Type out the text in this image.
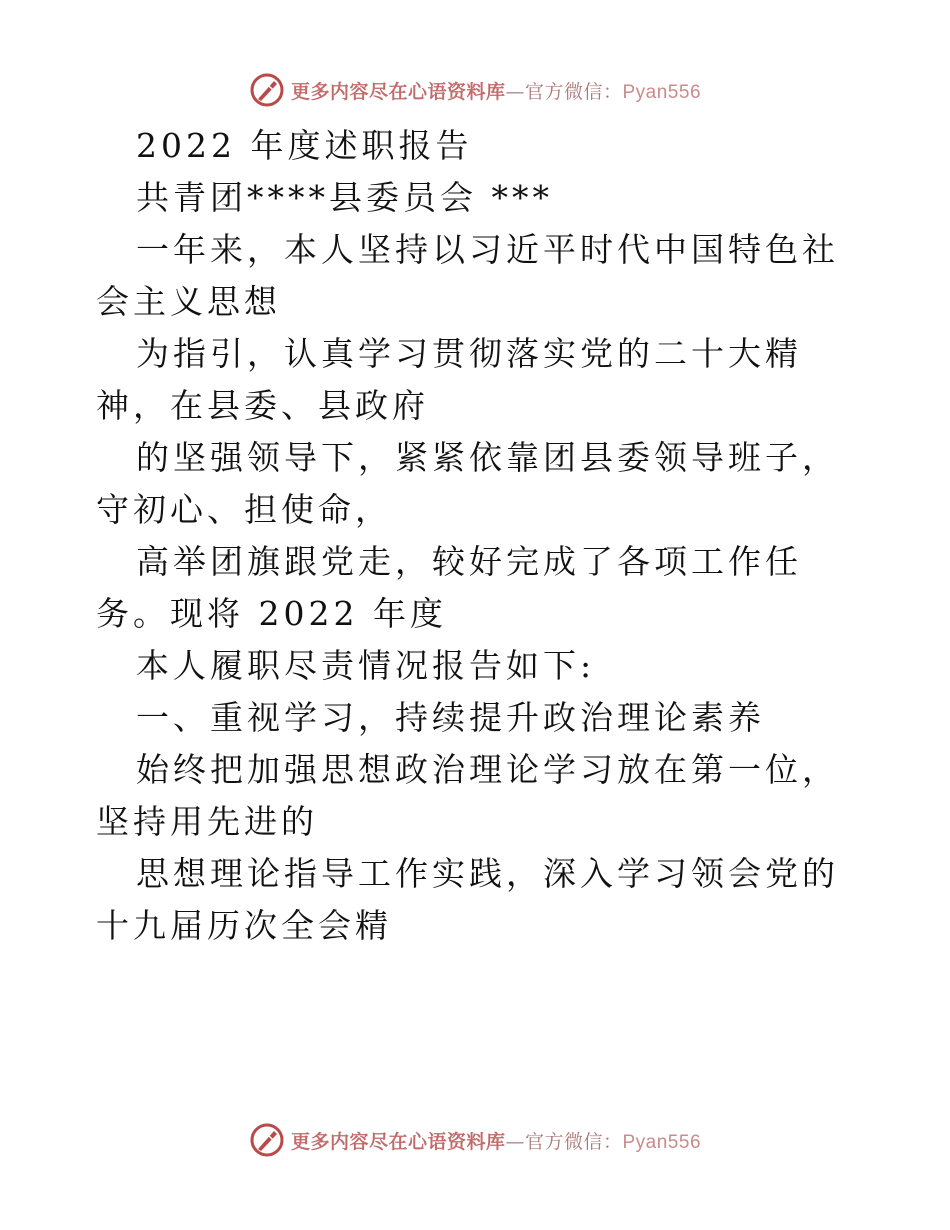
更多内容尽在心语资料库—官方微信：Pyan556

2022 年度述职报告

共青团****县委员会 ***

一年来，本人坚持以习近平时代中国特色社会主义思想

为指引，认真学习贯彻落实党的二十大精神，在县委、县政府

的坚强领导下，紧紧依靠团县委领导班子，守初心、担使命，

高举团旗跟党走，较好完成了各项工作任务。现将 2022 年度

本人履职尽责情况报告如下:

一、重视学习，持续提升政治理论素养

始终把加强思想政治理论学习放在第一位，坚持用先进的

思想理论指导工作实践，深入学习领会党的十九届历次全会精

更多内容尽在心语资料库—官方微信：Pyan556
